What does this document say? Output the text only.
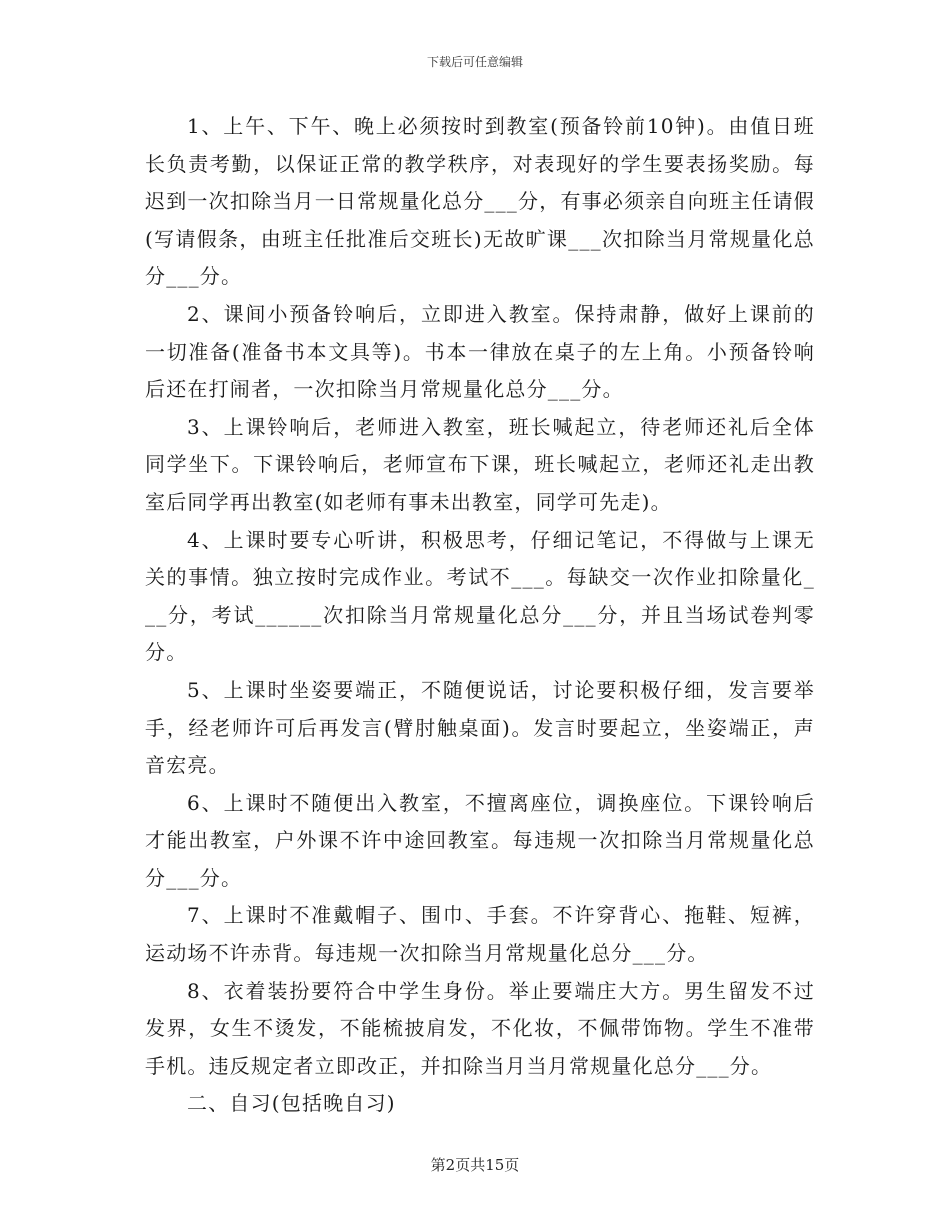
下载后可任意编辑

1、上午、下午、晚上必须按时到教室(预备铃前10钟)。由值日班长负责考勤，以保证正常的教学秩序，对表现好的学生要表扬奖励。每迟到一次扣除当月一日常规量化总分___分，有事必须亲自向班主任请假(写请假条，由班主任批准后交班长)无故旷课___次扣除当月常规量化总分___分。

2、课间小预备铃响后，立即进入教室。保持肃静，做好上课前的一切准备(准备书本文具等)。书本一律放在桌子的左上角。小预备铃响后还在打闹者，一次扣除当月常规量化总分___分。

3、上课铃响后，老师进入教室，班长喊起立，待老师还礼后全体同学坐下。下课铃响后，老师宣布下课，班长喊起立，老师还礼走出教室后同学再出教室(如老师有事未出教室，同学可先走)。

4、上课时要专心听讲，积极思考，仔细记笔记，不得做与上课无关的事情。独立按时完成作业。考试不___。每缺交一次作业扣除量化___分，考试______次扣除当月常规量化总分___分，并且当场试卷判零分。

5、上课时坐姿要端正，不随便说话，讨论要积极仔细，发言要举手，经老师许可后再发言(臂肘触桌面)。发言时要起立，坐姿端正，声音宏亮。

6、上课时不随便出入教室，不擅离座位，调换座位。下课铃响后才能出教室，户外课不许中途回教室。每违规一次扣除当月常规量化总分___分。

7、上课时不准戴帽子、围巾、手套。不许穿背心、拖鞋、短裤，运动场不许赤背。每违规一次扣除当月常规量化总分___分。

8、衣着装扮要符合中学生身份。举止要端庄大方。男生留发不过发界，女生不烫发，不能梳披肩发，不化妆，不佩带饰物。学生不准带手机。违反规定者立即改正，并扣除当月当月常规量化总分___分。

二、自习(包括晚自习)

第2页共15页
